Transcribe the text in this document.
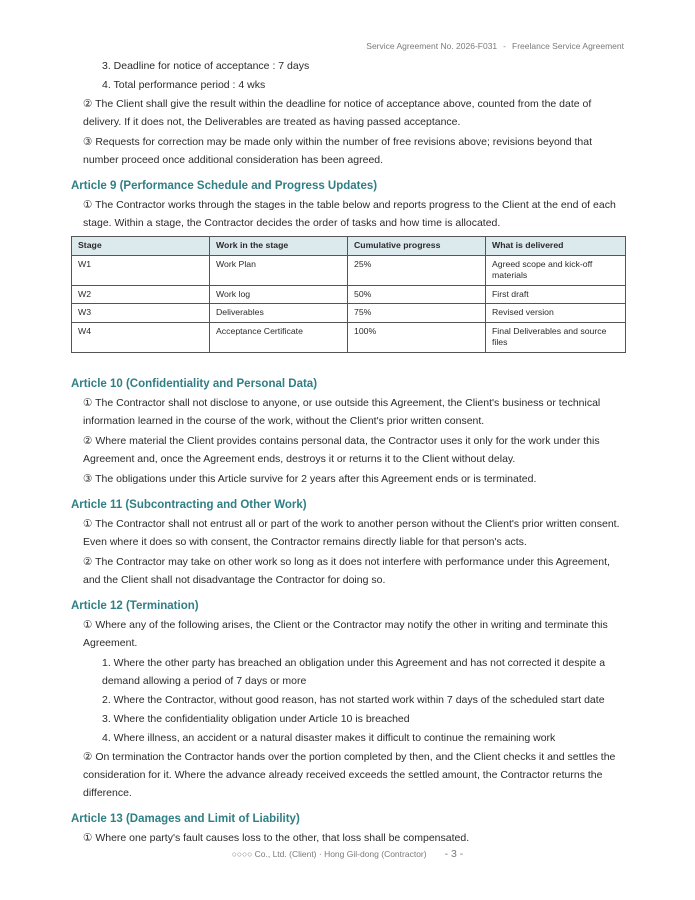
Service Agreement No. 2026-F031 - Freelance Service Agreement

3. Deadline for notice of acceptance : 7 days

4. Total performance period : 4 wks

② The Client shall give the result within the deadline for notice of acceptance above, counted from the date of delivery. If it does not, the Deliverables are treated as having passed acceptance.

③ Requests for correction may be made only within the number of free revisions above; revisions beyond that number proceed once additional consideration has been agreed.

Article 9 (Performance Schedule and Progress Updates)

① The Contractor works through the stages in the table below and reports progress to the Client at the end of each stage. Within a stage, the Contractor decides the order of tasks and how time is allocated.

Stage	Work in the stage	Cumulative progress	What is delivered
W1	Work Plan	25%	Agreed scope and kick-off materials
W2	Work log	50%	First draft
W3	Deliverables	75%	Revised version
W4	Acceptance Certificate	100%	Final Deliverables and source files
Article 10 (Confidentiality and Personal Data)

① The Contractor shall not disclose to anyone, or use outside this Agreement, the Client's business or technical information learned in the course of the work, without the Client's prior written consent.

② Where material the Client provides contains personal data, the Contractor uses it only for the work under this Agreement and, once the Agreement ends, destroys it or returns it to the Client without delay.

③ The obligations under this Article survive for 2 years after this Agreement ends or is terminated.

Article 11 (Subcontracting and Other Work)

① The Contractor shall not entrust all or part of the work to another person without the Client's prior written consent. Even where it does so with consent, the Contractor remains directly liable for that person's acts.

② The Contractor may take on other work so long as it does not interfere with performance under this Agreement, and the Client shall not disadvantage the Contractor for doing so.

Article 12 (Termination)

① Where any of the following arises, the Client or the Contractor may notify the other in writing and terminate this Agreement.

1. Where the other party has breached an obligation under this Agreement and has not corrected it despite a demand allowing a period of 7 days or more

2. Where the Contractor, without good reason, has not started work within 7 days of the scheduled start date

3. Where the confidentiality obligation under Article 10 is breached

4. Where illness, an accident or a natural disaster makes it difficult to continue the remaining work

② On termination the Contractor hands over the portion completed by then, and the Client checks it and settles the consideration for it. Where the advance already received exceeds the settled amount, the Contractor returns the difference.

Article 13 (Damages and Limit of Liability)

① Where one party's fault causes loss to the other, that loss shall be compensated.

○○○○ Co., Ltd. (Client) · Hong Gil-dong (Contractor) - 3 -
